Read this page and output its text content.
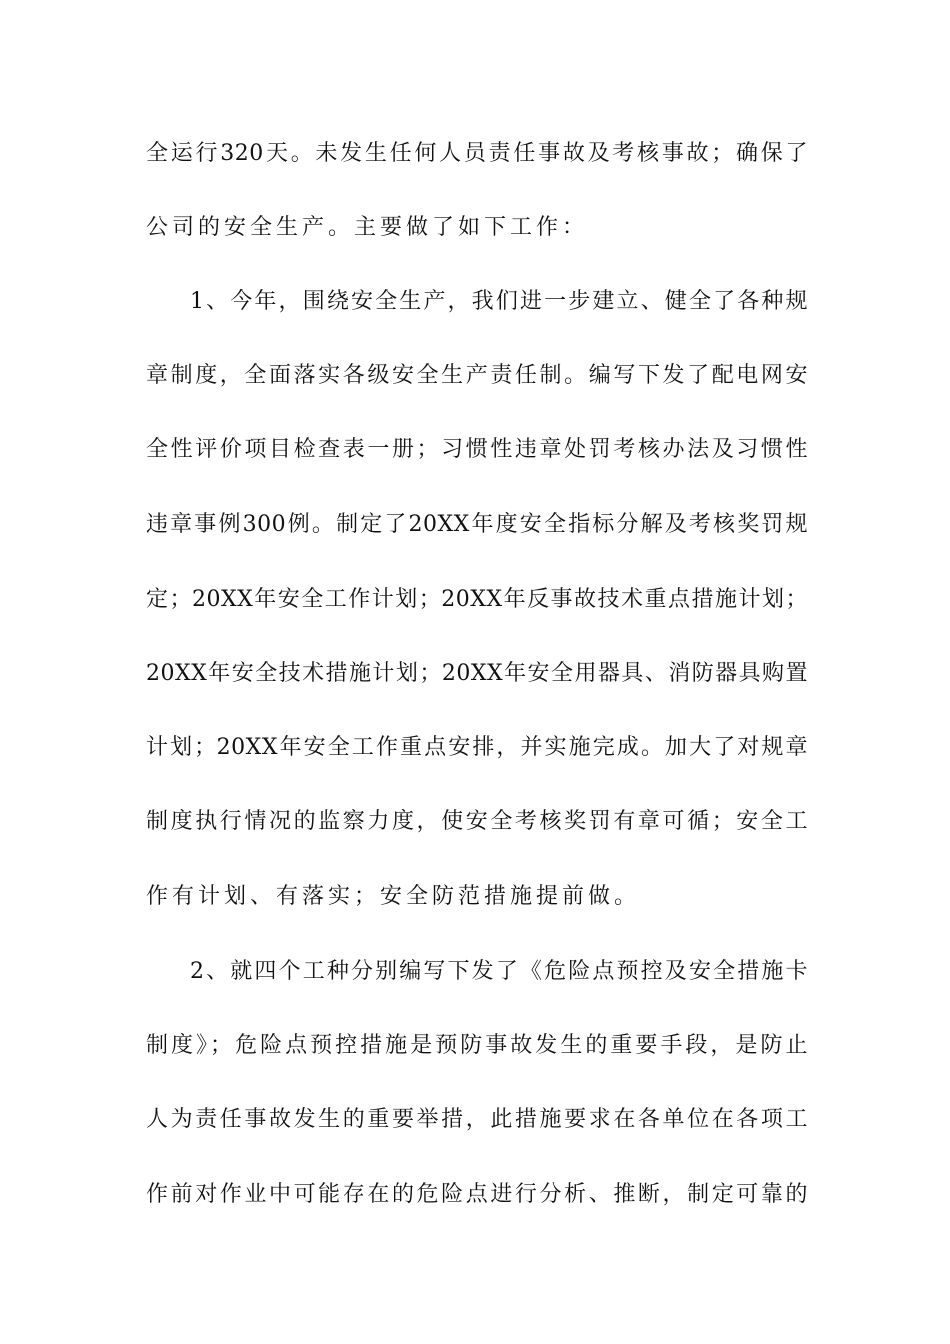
全运行320天。未发生任何人员责任事故及考核事故；确保了
公司的安全生产。主要做了如下工作：
1、今年，围绕安全生产，我们进一步建立、健全了各种规
章制度，全面落实各级安全生产责任制。编写下发了配电网安
全性评价项目检查表一册；习惯性违章处罚考核办法及习惯性
违章事例300例。制定了20XX年度安全指标分解及考核奖罚规
定；20XX年安全工作计划；20XX年反事故技术重点措施计划；
20XX年安全技术措施计划；20XX年安全用器具、消防器具购置
计划；20XX年安全工作重点安排，并实施完成。加大了对规章
制度执行情况的监察力度，使安全考核奖罚有章可循；安全工
作有计划、有落实；安全防范措施提前做。
2、就四个工种分别编写下发了《危险点预控及安全措施卡
制度》；危险点预控措施是预防事故发生的重要手段，是防止
人为责任事故发生的重要举措，此措施要求在各单位在各项工
作前对作业中可能存在的危险点进行分析、推断，制定可靠的
